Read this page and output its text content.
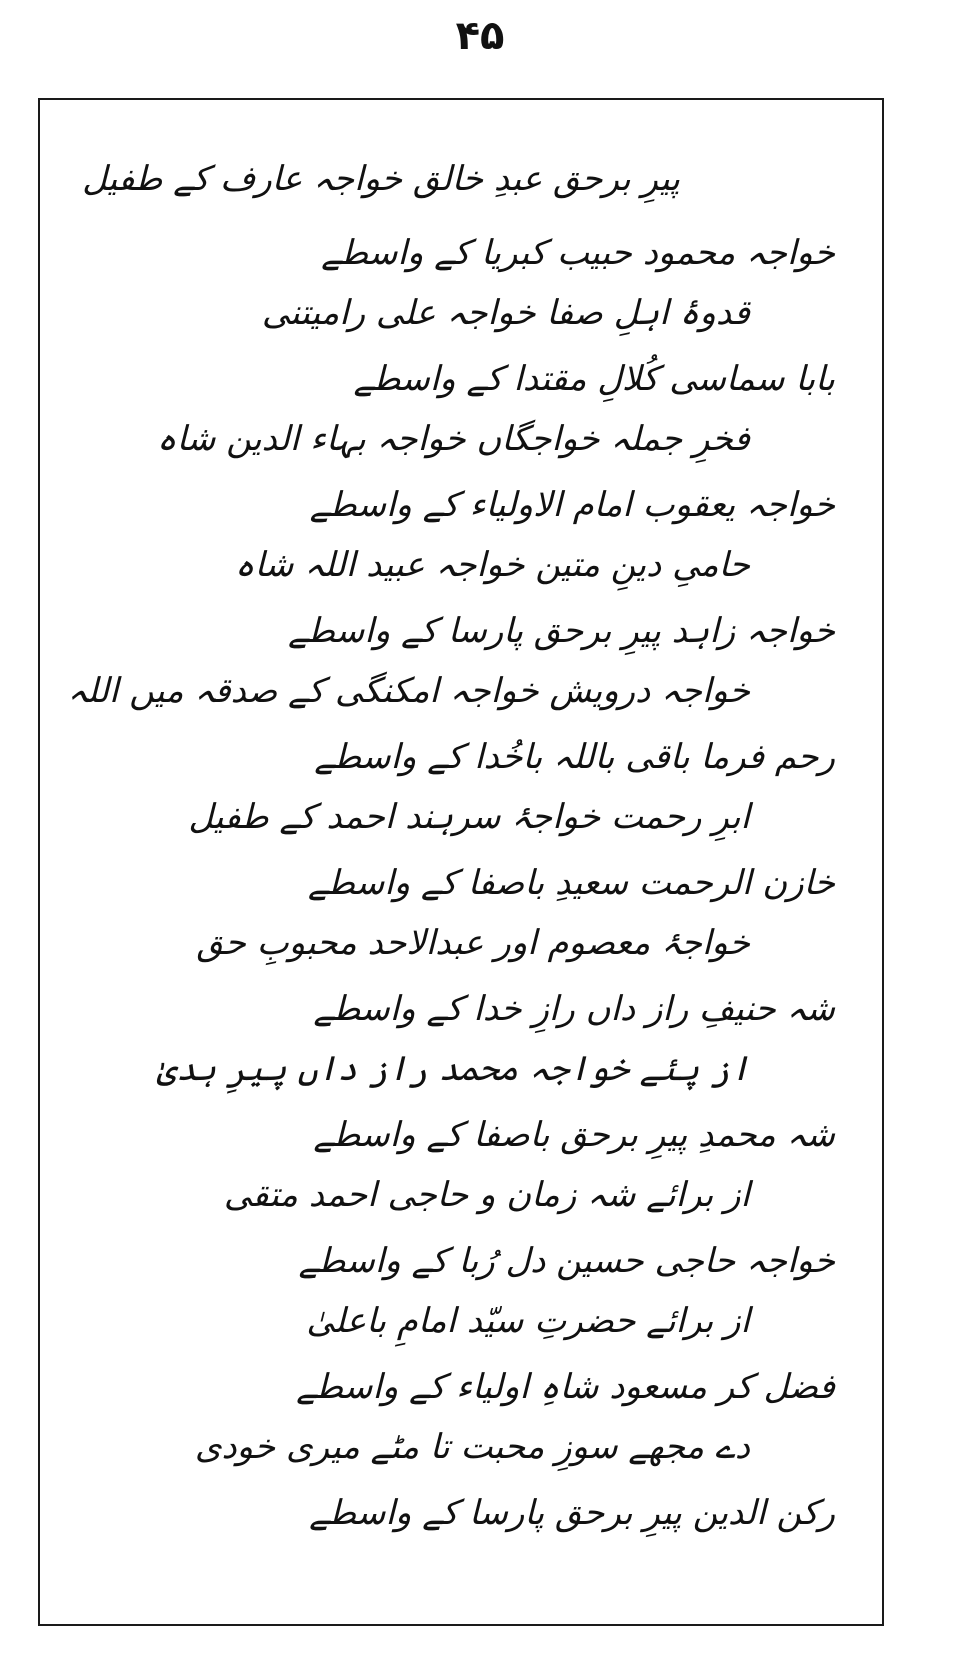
۴۵
پیرِ برحق عبدِ خالق خواجہ عارف کے طفیل
خواجہ محمود حبیب کبریا کے واسطے
قدوۂ اہلِ صفا خواجہ علی رامیتنی
بابا سماسی کُلالِ مقتدا کے واسطے
فخرِ جملہ خواجگاں خواجہ بہاء الدین شاہ
خواجہ یعقوب امام الاولیاء کے واسطے
حامیِ دینِ متین خواجہ عبید اللہ شاہ
خواجہ زاہد پیرِ برحق پارسا کے واسطے
خواجہ درویش خواجہ امکنگی کے صدقہ میں اللہ
رحم فرما باقی باللہ باخُدا کے واسطے
ابرِ رحمت خواجۂ سرہند احمد کے طفیل
خازن الرحمت سعیدِ باصفا کے واسطے
خواجۂ معصوم اور عبدالاحد محبوبِ حق
شہ حنیفِ راز داں رازِ خدا کے واسطے
از پئے خواجہ محمد راز داں پیرِ ہدیٰ
شہ محمدِ پیرِ برحق باصفا کے واسطے
از برائے شہ زمان و حاجی احمد متقی
خواجہ حاجی حسین دل رُبا کے واسطے
از برائے حضرتِ سیّد امامِ باعلیٰ
فضل کر مسعود شاہِ اولیاء کے واسطے
دے مجھے سوزِ محبت تا مٹے میری خودی
رکن الدین پیرِ برحق پارسا کے واسطے
